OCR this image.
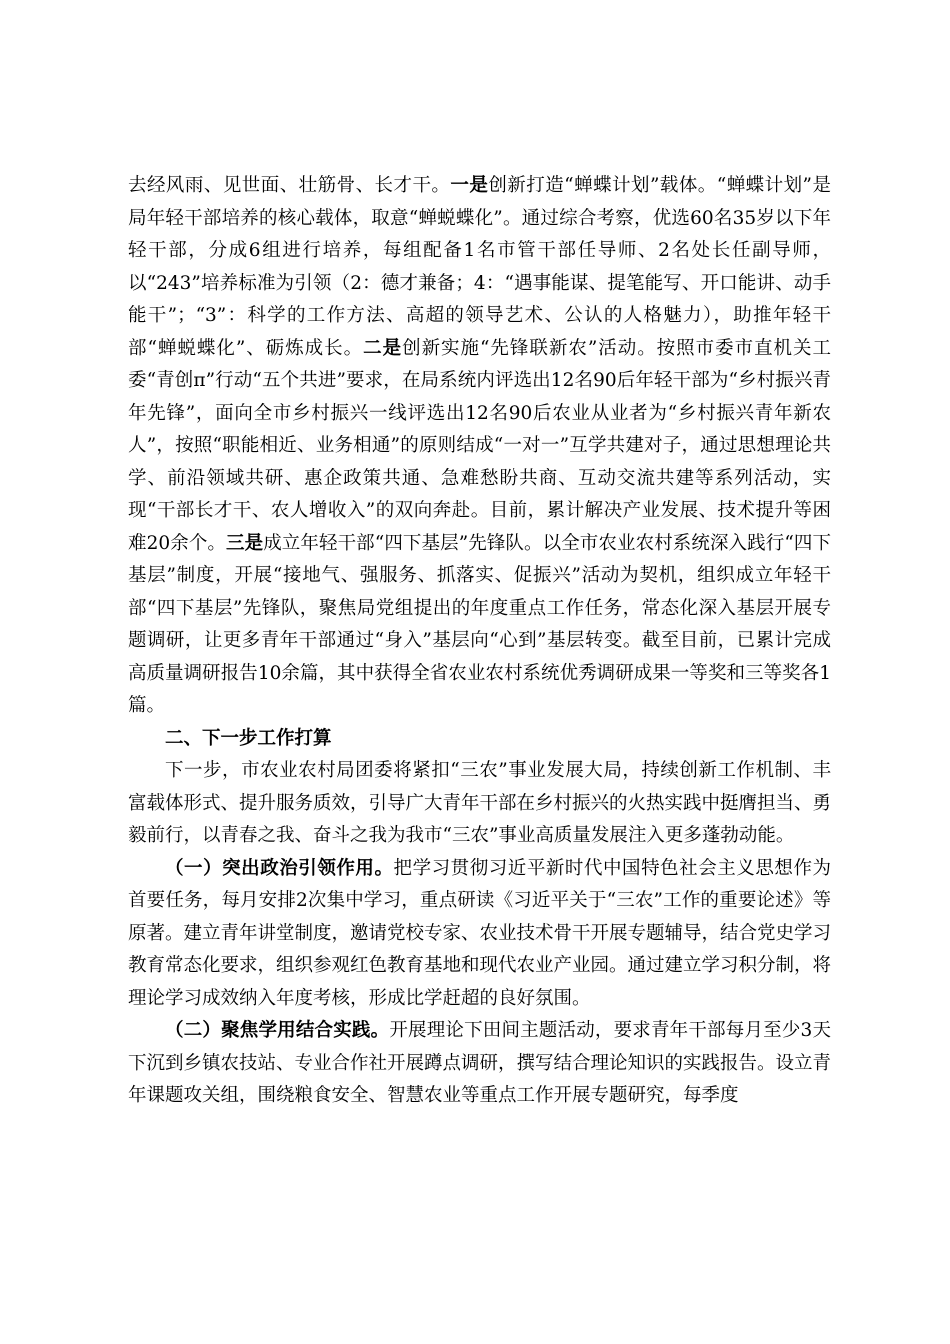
去经风雨、见世面、壮筋骨、长才干。一是创新打造“蝉蝶计划”载体。“蝉蝶计划”是局年轻干部培养的核心载体，取意“蝉蜕蝶化”。通过综合考察，优选60名35岁以下年轻干部，分成6组进行培养，每组配备1名市管干部任导师、2名处长任副导师，以“243”培养标准为引领（2：德才兼备；4：“遇事能谋、提笔能写、开口能讲、动手能干”；“3”：科学的工作方法、高超的领导艺术、公认的人格魅力），助推年轻干部“蝉蜕蝶化”、砺炼成长。二是创新实施“先锋联新农”活动。按照市委市直机关工委“青创π”行动“五个共进”要求，在局系统内评选出12名90后年轻干部为“乡村振兴青年先锋”，面向全市乡村振兴一线评选出12名90后农业从业者为“乡村振兴青年新农人”，按照“职能相近、业务相通”的原则结成“一对一”互学共建对子，通过思想理论共学、前沿领域共研、惠企政策共通、急难愁盼共商、互动交流共建等系列活动，实现“干部长才干、农人增收入”的双向奔赴。目前，累计解决产业发展、技术提升等困难20余个。三是成立年轻干部“四下基层”先锋队。以全市农业农村系统深入践行“四下基层”制度，开展“接地气、强服务、抓落实、促振兴”活动为契机，组织成立年轻干部“四下基层”先锋队，聚焦局党组提出的年度重点工作任务，常态化深入基层开展专题调研，让更多青年干部通过“身入”基层向“心到”基层转变。截至目前，已累计完成高质量调研报告10余篇，其中获得全省农业农村系统优秀调研成果一等奖和三等奖各1篇。

二、下一步工作打算

下一步，市农业农村局团委将紧扣“三农”事业发展大局，持续创新工作机制、丰富载体形式、提升服务质效，引导广大青年干部在乡村振兴的火热实践中挺膺担当、勇毅前行，以青春之我、奋斗之我为我市“三农”事业高质量发展注入更多蓬勃动能。

（一）突出政治引领作用。把学习贯彻习近平新时代中国特色社会主义思想作为首要任务，每月安排2次集中学习，重点研读《习近平关于“三农”工作的重要论述》等原著。建立青年讲堂制度，邀请党校专家、农业技术骨干开展专题辅导，结合党史学习教育常态化要求，组织参观红色教育基地和现代农业产业园。通过建立学习积分制，将理论学习成效纳入年度考核，形成比学赶超的良好氛围。

（二）聚焦学用结合实践。开展理论下田间主题活动，要求青年干部每月至少3天下沉到乡镇农技站、专业合作社开展蹲点调研，撰写结合理论知识的实践报告。设立青年课题攻关组，围绕粮食安全、智慧农业等重点工作开展专题研究，每季度
